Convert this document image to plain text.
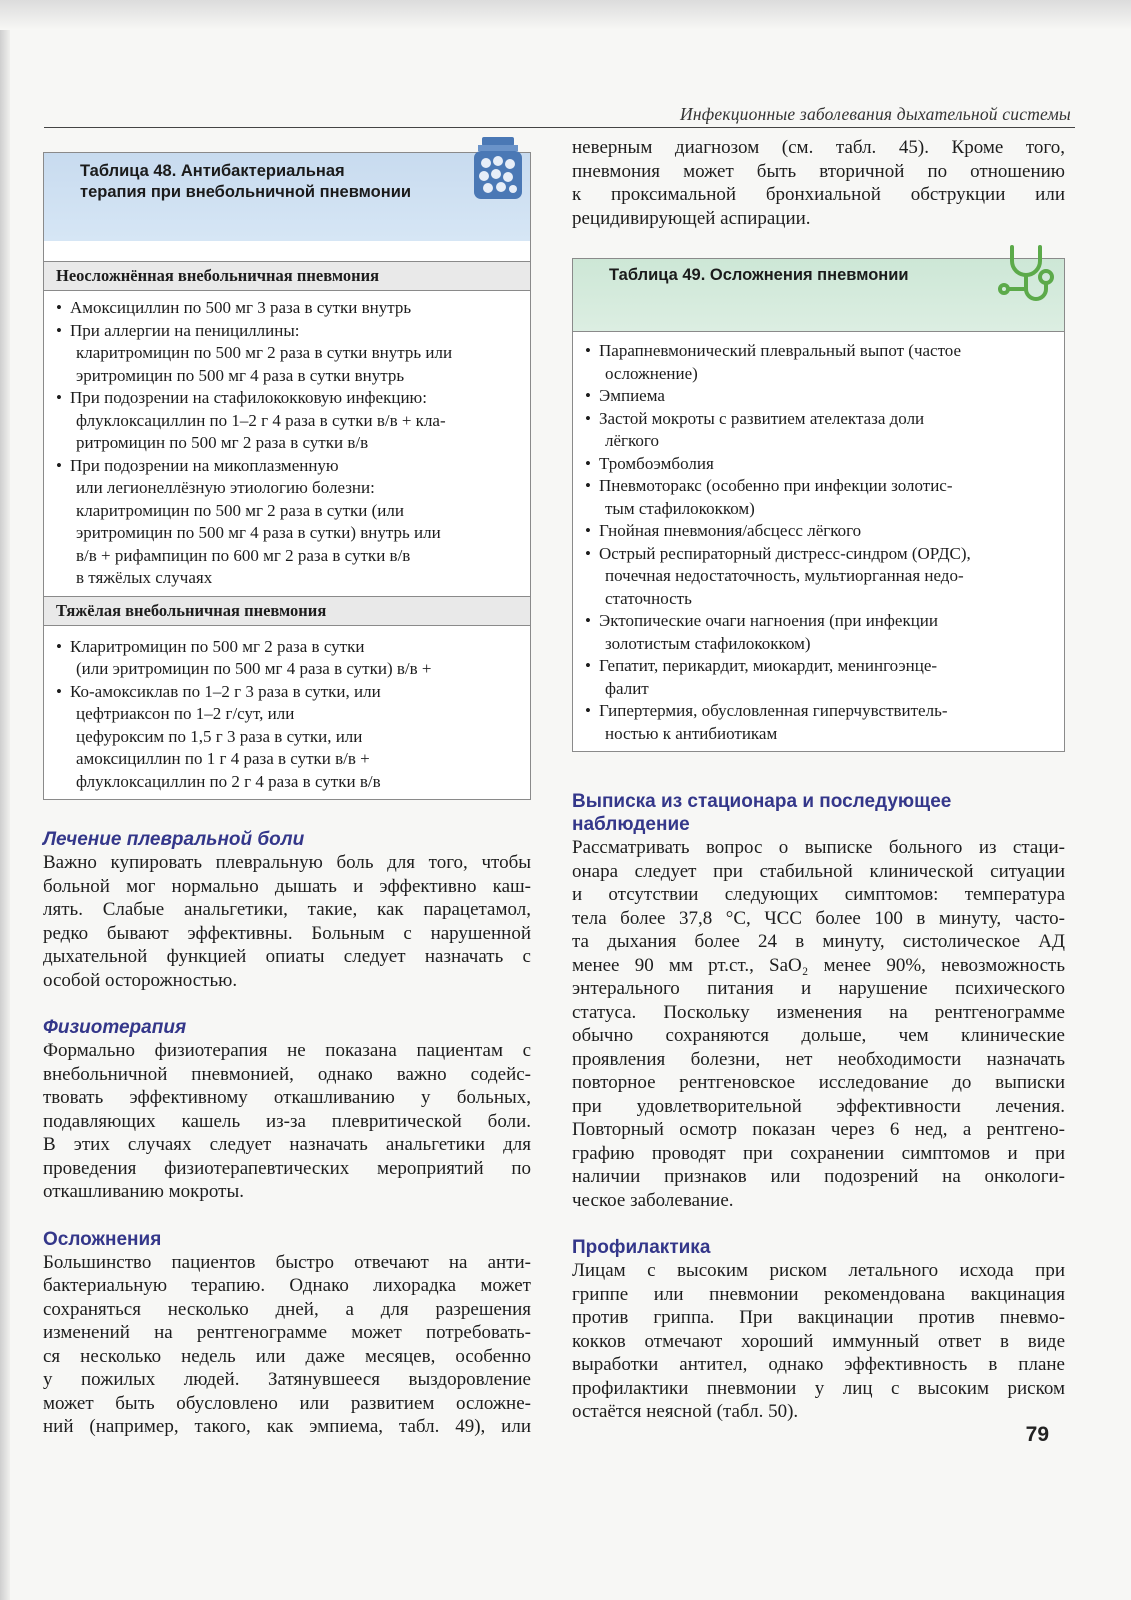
Инфекционные заболевания дыхательной системы
Таблица 48. Антибактериальная
терапия при внебольничной пневмонии
Неосложнённая внебольничная пневмония
• Амоксициллин по 500 мг 3 раза в сутки внутрь
• При аллергии на пенициллины:
кларитромицин по 500 мг 2 раза в сутки внутрь или
эритромицин по 500 мг 4 раза в сутки внутрь
• При подозрении на стафилококковую инфекцию:
флуклоксациллин по 1–2 г 4 раза в сутки в/в + кла-
ритромицин по 500 мг 2 раза в сутки в/в
• При подозрении на микоплазменную
или легионеллёзную этиологию болезни:
кларитромицин по 500 мг 2 раза в сутки (или
эритромицин по 500 мг 4 раза в сутки) внутрь или
в/в + рифампицин по 600 мг 2 раза в сутки в/в
в тяжёлых случаях
Тяжёлая внебольничная пневмония
• Кларитромицин по 500 мг 2 раза в сутки
(или эритромицин по 500 мг 4 раза в сутки) в/в +
• Ко-амоксиклав по 1–2 г 3 раза в сутки, или
цефтриаксон по 1–2 г/сут, или
цефуроксим по 1,5 г 3 раза в сутки, или
амоксициллин по 1 г 4 раза в сутки в/в +
флуклоксациллин по 2 г 4 раза в сутки в/в
Лечение плевральной боли

Важно купировать плевральную боль для того, чтобы
больной мог нормально дышать и эффективно каш-
лять. Слабые анальгетики, такие, как парацетамол,
редко бывают эффективны. Больным с нарушенной
дыхательной функцией опиаты следует назначать с
особой осторожностью.

Физиотерапия

Формально физиотерапия не показана пациентам с
внебольничной пневмонией, однако важно содейс-
твовать эффективному откашливанию у больных,
подавляющих кашель из-за плевритической боли.
В этих случаях следует назначать анальгетики для
проведения физиотерапевтических мероприятий по
откашливанию мокроты.

Осложнения

Большинство пациентов быстро отвечают на анти-
бактериальную терапию. Однако лихорадка может
сохраняться несколько дней, а для разрешения
изменений на рентгенограмме может потребовать-
ся несколько недель или даже месяцев, особенно
у пожилых людей. Затянувшееся выздоровление
может быть обусловлено или развитием осложне-
ний (например, такого, как эмпиема, табл. 49), или

неверным диагнозом (см. табл. 45). Кроме того,
пневмония может быть вторичной по отношению
к проксимальной бронхиальной обструкции или
рецидивирующей аспирации.

Таблица 49. Осложнения пневмонии
• Парапневмонический плевральный выпот (частое
осложнение)
• Эмпиема
• Застой мокроты с развитием ателектаза доли
лёгкого
• Тромбоэмболия
• Пневмоторакс (особенно при инфекции золотис-
тым стафилококком)
• Гнойная пневмония/абсцесс лёгкого
• Острый респираторный дистресс-синдром (ОРДС),
почечная недостаточность, мультиорганная недо-
статочность
• Эктопические очаги нагноения (при инфекции
золотистым стафилококком)
• Гепатит, перикардит, миокардит, менингоэнце-
фалит
• Гипертермия, обусловленная гиперчувствитель-
ностью к антибиотикам
Выписка из стационара и последующее
наблюдение

Рассматривать вопрос о выписке больного из стаци-
онара следует при стабильной клинической ситуации
и отсутствии следующих симптомов: температура
тела более 37,8 °С, ЧСС более 100 в минуту, часто-
та дыхания более 24 в минуту, систолическое АД
менее 90 мм рт.ст., SaO₂ менее 90%, невозможность
энтерального питания и нарушение психического
статуса. Поскольку изменения на рентгенограмме
обычно сохраняются дольше, чем клинические
проявления болезни, нет необходимости назначать
повторное рентгеновское исследование до выписки
при удовлетворительной эффективности лечения.
Повторный осмотр показан через 6 нед, а рентгено-
графию проводят при сохранении симптомов и при
наличии признаков или подозрений на онкологи-
ческое заболевание.

Профилактика

Лицам с высоким риском летального исхода при
гриппе или пневмонии рекомендована вакцинация
против гриппа. При вакцинации против пневмо-
кокков отмечают хороший иммунный ответ в виде
выработки антител, однако эффективность в плане
профилактики пневмонии у лиц с высоким риском
остаётся неясной (табл. 50).

79
